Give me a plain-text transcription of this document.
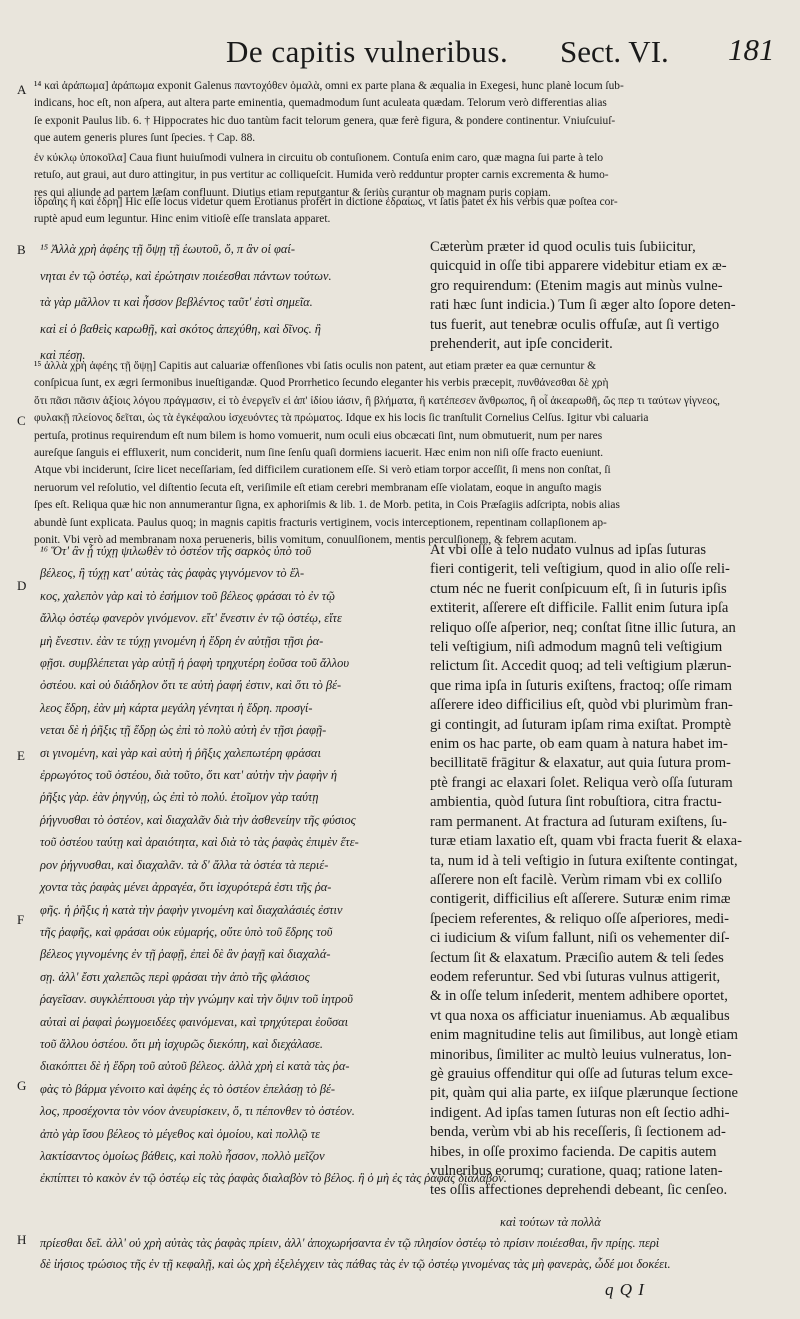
De capitis vulneribus. Sect. VI. 181
A
B
C
D
E
F
G
H

¹⁴ καὶ ἀράπωμα] ἀράπωμα exponit Galenus παντοχόθεν ὁμαλὰ, omni ex parte plana & æqualia in Exegesi, hunc planè locum ſub-

indicans, hoc eſt, non aſpera, aut altera parte eminentia, quemadmodum ſunt aculeata quædam. Telorum verò differentias alias

ſe exponit Paulus lib. 6. † Hippocrates hic duo tantùm facit telorum genera, quæ ferè figura, & pondere continentur. Vniuſcuiuſ-

que autem generis plures ſunt ſpecies. † Cap. 88.

ἐν κύκλῳ ὑποκοῖλα] Caua fiunt huiuſmodi vulnera in circuitu ob contuſionem. Contuſa enim caro, quæ magna ſui parte à telo

retuſo, aut graui, aut duro attingitur, in pus vertitur ac colliqueſcit. Humida verò redduntur propter carnis excrementa & humo-

res qui aliunde ad partem læſam confluunt. Diutius etiam reputgantur & ſeriùs curantur ob magnam puris copiam.

ἰδραίης ἢ καὶ ἐδρη] Hic eſſe locus videtur quem Erotianus profert in dictione ἐδραίως, vt ſatis patet ex his verbis quæ poſtea cor-

ruptè apud eum leguntur. Hinc enim vitioſè eſſe translata apparet.

¹⁵ Ἀλλὰ χρὴ ἀφέης τῇ ὄψῃ τῇ ἑωυτοῦ, ὅ, π ἂν οἱ φαί-

νηται ἐν τῷ ὀστέῳ, καὶ ἐρώτησιν ποιέεσθαι πάντων τούτων.

τὰ γὰρ μᾶλλον τι καὶ ἧσσον βεβλέντος ταῦτ' ἐστὶ σημεῖα.

καὶ εἰ ὁ βαθεὶς καρωθῇ, καὶ σκότος ἀπεχύθη, καὶ δῖνος. ἢ

καὶ πέσῃ.

Cæterùm præter id quod oculis tuis ſubiicitur,

quicquid in oſſe tibi apparere videbitur etiam ex æ-

gro requirendum: (Etenim magis aut minùs vulne-

rati hæc ſunt indicia.) Tum ſi æger alto ſopore deten-

tus fuerit, aut tenebræ oculis offuſæ, aut ſi vertigo

prehenderit, aut ipſe conciderit.

¹⁵ ἀλλὰ χρὴ ἀφέης τῇ ὄψῃ] Capitis aut caluariæ offenſiones vbi ſatis oculis non patent, aut etiam præter ea quæ cernuntur &

conſpicua ſunt, ex ægri ſermonibus inueſtigandæ. Quod Prorrhetico ſecundo eleganter his verbis præcepit, πυνθάνεσθαι δὲ χρὴ

ὅτι πᾶσι πᾶσιν ἀξίοις λόγου πράγμασιν, εἰ τὸ ἐνεργεῖν εἰ ἀπ' ἰδίου ἰάσιν, ἢ βλήματα, ἢ κατέπεσεν ἄνθρωπος, ἢ οἷ ἀκεαρωθῆ, ὥς περ τι ταύτων γίγνεος,

φυλακῇ πλείονος δεῖται, ὡς τὰ ἐγκέφαλου ἰσχευόντες τὰ πρώματος. Idque ex his locis ſic tranſtulit Cornelius Celſus. Igitur vbi caluaria

pertuſa, protinus requirendum eſt num bilem is homo vomuerit, num oculi eius obcæcati ſint, num obmutuerit, num per nares

aureſque ſanguis ei effluxerit, num conciderit, num ſine ſenſu quaſi dormiens iacuerit. Hæc enim non niſi oſſe fracto eueniunt.

Atque vbi inciderunt, ſcire licet neceſſariam, ſed difficilem curationem eſſe. Si verò etiam torpor acceſſit, ſi mens non conſtat, ſi

neruorum vel reſolutio, vel diſtentio ſecuta eſt, veriſimile eſt etiam cerebri membranam eſſe violatam, eoque in anguſto magis

ſpes eſt. Reliqua quæ hic non annumerantur ſigna, ex aphoriſmis & lib. 1. de Morb. petita, in Cois Præſagiis adſcripta, nobis alias

abundè ſunt explicata. Paulus quoq; in magnis capitis fracturis vertiginem, vocis interceptionem, repentinam collapſionem ap-

ponit. Vbi verò ad membranam noxa perueneris, bilis vomitum, conuulſionem, mentis perculſionem, & febrem acutam.

¹⁶ Ὅτ' ἂν ᾗ τύχῃ ψιλωθὲν τὸ ὀστέον τῆς σαρκὸς ὑπὸ τοῦ

βέλεος, ἢ τύχῃ κατ' αὐτὰς τὰς ῥαφὰς γιγνόμενον τὸ ἕλ-

κος, χαλεπὸν γὰρ καὶ τὸ ἐσήμιον τοῦ βέλεος φράσαι τὸ ἐν τῷ

ἄλλῳ ὀστέῳ φανερὸν γινόμενον. εἴτ' ἔνεστιν ἐν τῷ ὀστέῳ, εἴτε

μὴ ἔνεστιν. ἐὰν τε τύχῃ γινομένη ἡ ἕδρη ἐν αὐτῇσι τῇσι ῥα-

φῇσι. συμβλέπεται γὰρ αὐτῇ ἡ ῥαφὴ τρηχυτέρη ἐοῦσα τοῦ ἄλλου

ὀστέου. καὶ οὐ διάδηλον ὅτι τε αὐτὴ ῥαφή ἐστιν, καὶ ὅτι τὸ βέ-

λεος ἕδρη, ἐὰν μὴ κάρτα μεγάλη γένηται ἡ ἕδρη. προσγί-

νεται δὲ ἡ ῥῆξις τῇ ἕδρῃ ὡς ἐπὶ τὸ πολὺ αὐτὴ ἐν τῇσι ῥαφῇ-

σι γινομένη, καὶ γὰρ καὶ αὐτὴ ἡ ῥῆξις χαλεπωτέρη φράσαι

ἐρρωγότος τοῦ ὀστέου, διὰ τοῦτο, ὅτι κατ' αὐτὴν τὴν ῥαφὴν ἡ

ῥῆξις γὰρ. ἐὰν ῥηγνύῃ, ὡς ἐπὶ τὸ πολύ. ἑτοῖμον γὰρ ταύτῃ

ῥήγνυσθαι τὸ ὀστέον, καὶ διαχαλᾶν διὰ τὴν ἀσθενείην τῆς φύσιος

τοῦ ὀστέου ταύτῃ καὶ ἀραιότητα, καὶ διὰ τὸ τὰς ῥαφὰς ἐπιμὲν ἕτε-

ρον ῥήγνυσθαι, καὶ διαχαλᾶν. τὰ δ' ἄλλα τὰ ὀστέα τὰ περιέ-

χοντα τὰς ῥαφὰς μένει ἀρραγέα, ὅτι ἰσχυρότερά ἐστι τῆς ῥα-

φῆς. ἡ ῥῆξις ἡ κατὰ τὴν ῥαφὴν γινομένη καὶ διαχαλάσιές ἐστιν

τῆς ῥαφῆς, καὶ φράσαι οὐκ εὐμαρής, οὔτε ὑπὸ τοῦ ἕδρης τοῦ

βέλεος γιγνομένης ἐν τῇ ῥαφῇ, ἐπεὶ δὲ ἂν ῥαγῇ καὶ διαχαλά-

σῃ. ἀλλ' ἔστι χαλεπῶς περὶ φράσαι τὴν ἀπὸ τῆς φλάσιος

ῥαγεῖσαν. συγκλέπτουσι γὰρ τὴν γνώμην καὶ τὴν ὄψιν τοῦ ἰητροῦ

αὐταὶ αἱ ῥαφαὶ ῥωγμοειδέες φαινόμεναι, καὶ τρηχύτεραι ἐοῦσαι

τοῦ ἄλλου ὀστέου. ὅτι μὴ ἰσχυρῶς διεκόπη, καὶ διεχάλασε.

διακόπτει δὲ ἡ ἕδρη τοῦ αὐτοῦ βέλεος. ἀλλὰ χρὴ εἰ κατὰ τὰς ῥα-

φὰς τὸ βάρμα γένοιτο καὶ ἀφέης ἐς τὸ ὀστέον ἐπελάσῃ τὸ βέ-

λος, προσέχοντα τὸν νόον ἀνευρίσκειν, ὅ, τι πέπονθεν τὸ ὀστέον.

ἀπὸ γὰρ ἴσου βέλεος τὸ μέγεθος καὶ ὁμοίου, καὶ πολλῷ τε

λακτίσαντος ὁμοίως βάθεις, καὶ πολὺ ἧσσον, πολλὸ μεῖζον

ἐκπίπτει τὸ κακὸν ἐν τῷ ὀστέῳ εἰς τὰς ῥαφὰς διαλαβὸν τὸ βέλος. ἢ ὁ μὴ ἐς τὰς ῥαφὰς διαλαβόν.

At vbi oſſe à telo nudato vulnus ad ipſas ſuturas

fieri contigerit, teli veſtigium, quod in alio oſſe reli-

ctum néc ne fuerit conſpicuum eſt, ſi in ſuturis ipſis

extiterit, aſſerere eſt difficile. Fallit enim ſutura ipſa

reliquo oſſe aſperior, neq; conſtat ſitne illic ſutura, an

teli veſtigium, niſi admodum magnû teli veſtigium

relictum ſit. Accedit quoq; ad teli veſtigium plærun-

que rima ipſa in ſuturis exiſtens, fractoq; oſſe rimam

aſſerere ideo difficilius eſt, quòd vbi plurimùm fran-

gi contingit, ad ſuturam ipſam rima exiſtat. Promptè

enim os hac parte, ob eam quam à natura habet im-

becillitatē frāgitur & elaxatur, aut quia ſutura prom-

ptè frangi ac elaxari ſolet. Reliqua verò oſſa ſuturam

ambientia, quòd ſutura ſint robuſtiora, citra fractu-

ram permanent. At fractura ad ſuturam exiſtens, ſu-

turæ etiam laxatio eſt, quam vbi fracta fuerit & elaxa-

ta, num id à teli veſtigio in ſutura exiſtente contingat,

aſſerere non eſt facilè. Verùm rimam vbi ex colliſo

contigerit, difficilius eſt aſſerere. Suturæ enim rimæ

ſpeciem referentes, & reliquo oſſe aſperiores, medi-

ci iudicium & viſum fallunt, niſi os vehementer diſ-

ſectum ſit & elaxatum. Præciſio autem & teli ſedes

eodem referuntur. Sed vbi ſuturas vulnus attigerit,

& in oſſe telum inſederit, mentem adhibere oportet,

vt qua noxa os afficiatur inueniamus. Ab æqualibus

enim magnitudine telis aut ſimilibus, aut longè etiam

minoribus, ſimiliter ac multò leuius vulneratus, lon-

gè grauius offenditur qui oſſe ad ſuturas telum exce-

pit, quàm qui alia parte, ex iiſque plærunque ſectione

indigent. Ad ipſas tamen ſuturas non eſt ſectio adhi-

benda, verùm vbi ab his receſſeris, ſi ſectionem ad-

hibes, in oſſe proximo facienda. De capitis autem

vulneribus eorumq; curatione, quaq; ratione laten-

tes oſſis affectiones deprehendi debeant, ſic cenſeo.

καὶ τούτων τὰ πολλὰ

πρίεσθαι δεῖ. ἀλλ' οὐ χρὴ αὐτὰς τὰς ῥαφὰς πρίειν, ἀλλ' ἀποχωρήσαντα ἐν τῷ πλησίον ὀστέῳ τὸ πρίσιν ποιέεσθαι, ἢν πρίῃς. περὶ

δὲ ἰήσιος τρώσιος τῆς ἐν τῇ κεφαλῇ, καὶ ὡς χρὴ ἐξελέγχειν τὰς πάθας τὰς ἐν τῷ ὀστέῳ γινομένας τὰς μὴ φανερὰς, ὧδέ μοι δοκέει.

q Q I
